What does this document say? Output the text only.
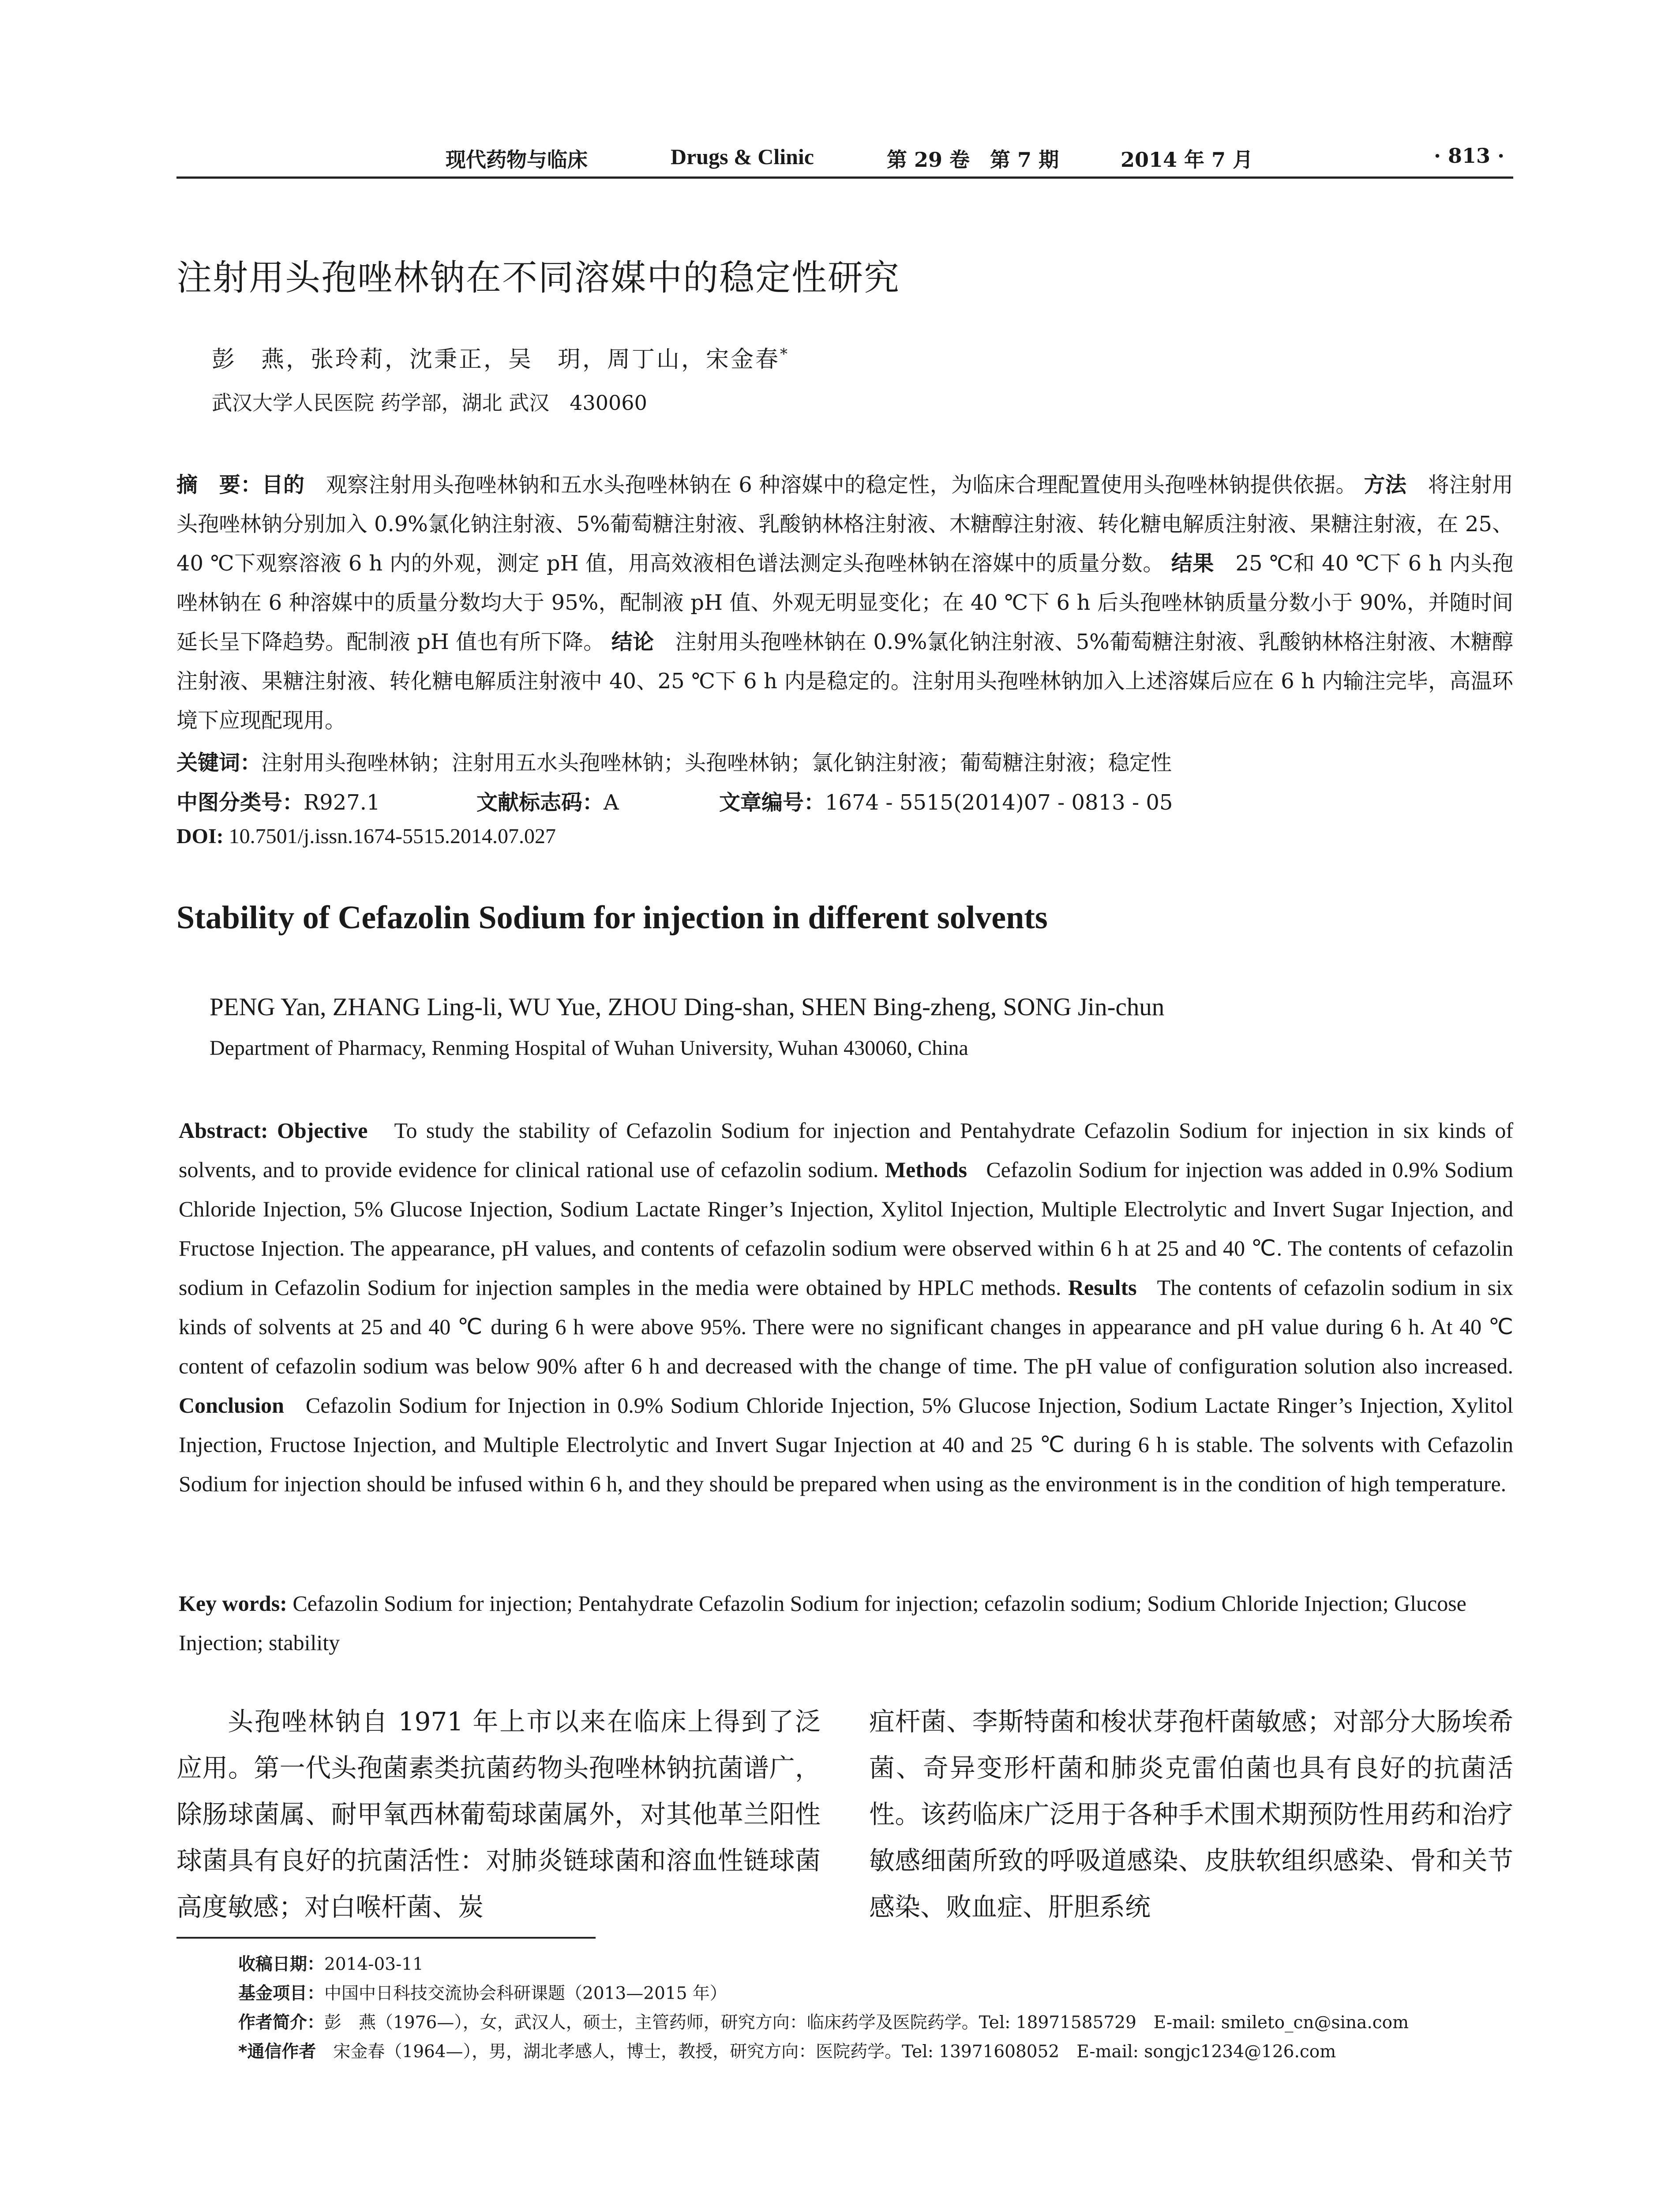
现代药物与临床	Drugs & Clinic	第 29 卷　第 7 期	2014 年 7 月	· 813 ·
注射用头孢唑林钠在不同溶媒中的稳定性研究
彭　燕，张玲莉，沈秉正，吴　玥，周丁山，宋金春*
武汉大学人民医院 药学部，湖北 武汉　430060
摘　要：目的　 观察注射用头孢唑林钠和五水头孢唑林钠在 6 种溶媒中的稳定性，为临床合理配置使用头孢唑林钠提供依据。 方法　 将注射用头孢唑林钠分别加入 0.9%氯化钠注射液、5%葡萄糖注射液、乳酸钠林格注射液、木糖醇注射液、转化糖电解质注射液、果糖注射液，在 25、40 ℃下观察溶液 6 h 内的外观，测定 pH 值，用高效液相色谱法测定头孢唑林钠在溶媒中的质量分数。 结果　 25 ℃和 40 ℃下 6 h 内头孢唑林钠在 6 种溶媒中的质量分数均大于 95%，配制液 pH 值、外观无明显变化；在 40 ℃下 6 h 后头孢唑林钠质量分数小于 90%，并随时间延长呈下降趋势。配制液 pH 值也有所下降。 结论　 注射用头孢唑林钠在 0.9%氯化钠注射液、5%葡萄糖注射液、乳酸钠林格注射液、木糖醇注射液、果糖注射液、转化糖电解质注射液中 40、25 ℃下 6 h 内是稳定的。注射用头孢唑林钠加入上述溶媒后应在 6 h 内输注完毕，高温环境下应现配现用。
关键词：注射用头孢唑林钠；注射用五水头孢唑林钠；头孢唑林钠；氯化钠注射液；葡萄糖注射液；稳定性
中图分类号：R927.1	文献标志码：A	文章编号：1674 - 5515(2014)07 - 0813 - 05
DOI: 10.7501/j.issn.1674-5515.2014.07.027
Stability of Cefazolin Sodium for injection in different solvents
PENG Yan, ZHANG Ling-li, WU Yue, ZHOU Ding-shan, SHEN Bing-zheng, SONG Jin-chun
Department of Pharmacy, Renming Hospital of Wuhan University, Wuhan 430060, China
Abstract: Objective To study the stability of Cefazolin Sodium for injection and Pentahydrate Cefazolin Sodium for injection in six kinds of solvents, and to provide evidence for clinical rational use of cefazolin sodium. Methods Cefazolin Sodium for injection was added in 0.9% Sodium Chloride Injection, 5% Glucose Injection, Sodium Lactate Ringer’s Injection, Xylitol Injection, Multiple Electrolytic and Invert Sugar Injection, and Fructose Injection. The appearance, pH values, and contents of cefazolin sodium were observed within 6 h at 25 and 40 ℃. The contents of cefazolin sodium in Cefazolin Sodium for injection samples in the media were obtained by HPLC methods. Results The contents of cefazolin sodium in six kinds of solvents at 25 and 40 ℃ during 6 h were above 95%. There were no significant changes in appearance and pH value during 6 h. At 40 ℃ content of cefazolin sodium was below 90% after 6 h and decreased with the change of time. The pH value of configuration solution also increased. Conclusion Cefazolin Sodium for Injection in 0.9% Sodium Chloride Injection, 5% Glucose Injection, Sodium Lactate Ringer’s Injection, Xylitol Injection, Fructose Injection, and Multiple Electrolytic and Invert Sugar Injection at 40 and 25 ℃ during 6 h is stable. The solvents with Cefazolin Sodium for injection should be infused within 6 h, and they should be prepared when using as the environment is in the condition of high temperature.
Key words: Cefazolin Sodium for injection; Pentahydrate Cefazolin Sodium for injection; cefazolin sodium; Sodium Chloride Injection; Glucose Injection; stability

头孢唑林钠自 1971 年上市以来在临床上得到了泛应用。第一代头孢菌素类抗菌药物头孢唑林钠抗菌谱广，除肠球菌属、耐甲氧西林葡萄球菌属外，对其他革兰阳性球菌具有良好的抗菌活性：对肺炎链球菌和溶血性链球菌高度敏感；对白喉杆菌、炭

疽杆菌、李斯特菌和梭状芽孢杆菌敏感；对部分大肠埃希菌、奇异变形杆菌和肺炎克雷伯菌也具有良好的抗菌活性。该药临床广泛用于各种手术围术期预防性用药和治疗敏感细菌所致的呼吸道感染、皮肤软组织感染、骨和关节感染、败血症、肝胆系统

收稿日期：2014-03-11
基金项目：中国中日科技交流协会科研课题（2013—2015 年）
作者简介：彭　燕（1976—），女，武汉人，硕士，主管药师，研究方向：临床药学及医院药学。Tel: 18971585729　E-mail: smileto_cn@sina.com
*通信作者　 宋金春（1964—），男，湖北孝感人，博士，教授，研究方向：医院药学。Tel: 13971608052　E-mail: songjc1234@126.com
